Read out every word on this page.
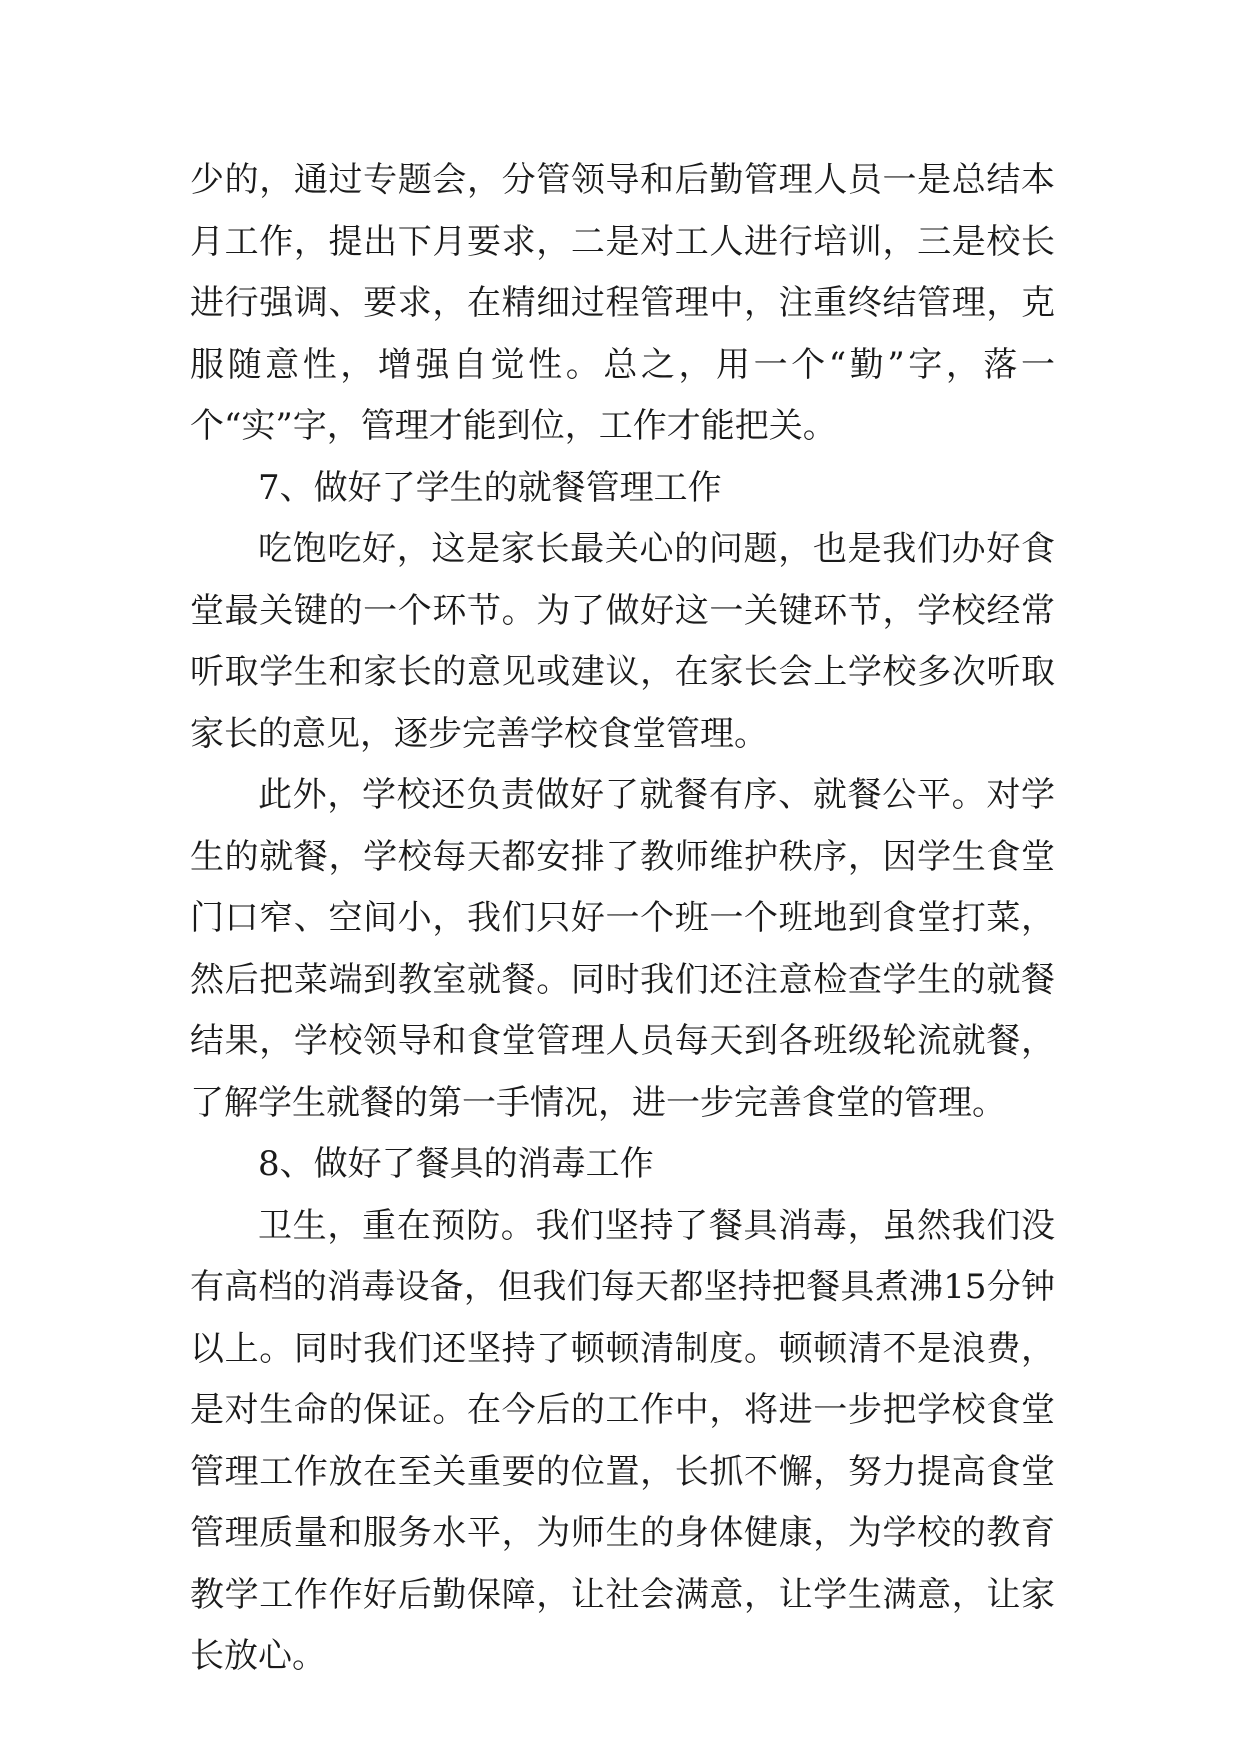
少的，通过专题会，分管领导和后勤管理人员一是总结本月工作，提出下月要求，二是对工人进行培训，三是校长进行强调、要求，在精细过程管理中，注重终结管理，克服随意性，增强自觉性。总之，用一个“勤”字，落一个“实”字，管理才能到位，工作才能把关。

7、做好了学生的就餐管理工作

吃饱吃好，这是家长最关心的问题，也是我们办好食堂最关键的一个环节。为了做好这一关键环节，学校经常听取学生和家长的意见或建议，在家长会上学校多次听取家长的意见，逐步完善学校食堂管理。

此外，学校还负责做好了就餐有序、就餐公平。对学生的就餐，学校每天都安排了教师维护秩序，因学生食堂门口窄、空间小，我们只好一个班一个班地到食堂打菜，然后把菜端到教室就餐。同时我们还注意检查学生的就餐结果，学校领导和食堂管理人员每天到各班级轮流就餐，了解学生就餐的第一手情况，进一步完善食堂的管理。

8、做好了餐具的消毒工作

卫生，重在预防。我们坚持了餐具消毒，虽然我们没有高档的消毒设备，但我们每天都坚持把餐具煮沸15分钟以上。同时我们还坚持了顿顿清制度。顿顿清不是浪费，是对生命的保证。在今后的工作中，将进一步把学校食堂管理工作放在至关重要的位置，长抓不懈，努力提高食堂管理质量和服务水平，为师生的身体健康，为学校的教育教学工作作好后勤保障，让社会满意，让学生满意，让家长放心。
